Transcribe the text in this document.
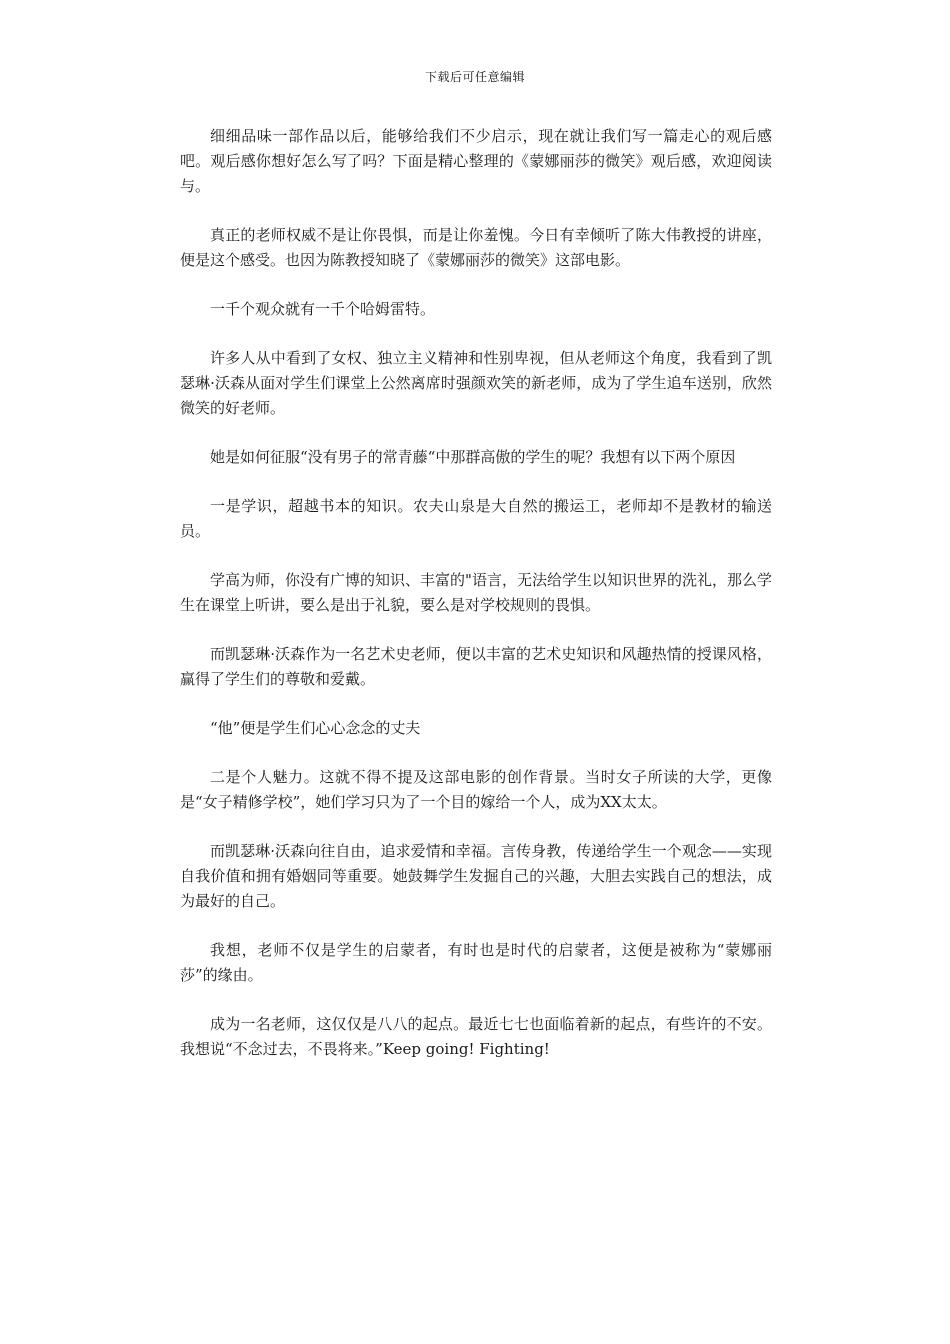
下载后可任意编辑

细细品味一部作品以后，能够给我们不少启示，现在就让我们写一篇走心的观后感吧。观后感你想好怎么写了吗？下面是精心整理的《蒙娜丽莎的微笑》观后感，欢迎阅读与。

真正的老师权威不是让你畏惧，而是让你羞愧。今日有幸倾听了陈大伟教授的讲座，便是这个感受。也因为陈教授知晓了《蒙娜丽莎的微笑》这部电影。

一千个观众就有一千个哈姆雷特。

许多人从中看到了女权、独立主义精神和性别卑视，但从老师这个角度，我看到了凯瑟琳·沃森从面对学生们课堂上公然离席时强颜欢笑的新老师，成为了学生追车送别，欣然微笑的好老师。

她是如何征服“没有男子的常青藤“中那群高傲的学生的呢？我想有以下两个原因

一是学识，超越书本的知识。农夫山泉是大自然的搬运工，老师却不是教材的输送员。

学高为师，你没有广博的知识、丰富的"语言，无法给学生以知识世界的洗礼，那么学生在课堂上听讲，要么是出于礼貌，要么是对学校规则的畏惧。

而凯瑟琳·沃森作为一名艺术史老师，便以丰富的艺术史知识和风趣热情的授课风格，赢得了学生们的尊敬和爱戴。

“他”便是学生们心心念念的丈夫

二是个人魅力。这就不得不提及这部电影的创作背景。当时女子所读的大学，更像是“女子精修学校”，她们学习只为了一个目的嫁给一个人，成为XX太太。

而凯瑟琳·沃森向往自由，追求爱情和幸福。言传身教，传递给学生一个观念——实现自我价值和拥有婚姻同等重要。她鼓舞学生发掘自己的兴趣，大胆去实践自己的想法，成为最好的自己。

我想，老师不仅是学生的启蒙者，有时也是时代的启蒙者，这便是被称为“蒙娜丽莎”的缘由。

成为一名老师，这仅仅是八八的起点。最近七七也面临着新的起点，有些许的不安。我想说“不念过去，不畏将来。”Keep going! Fighting!
